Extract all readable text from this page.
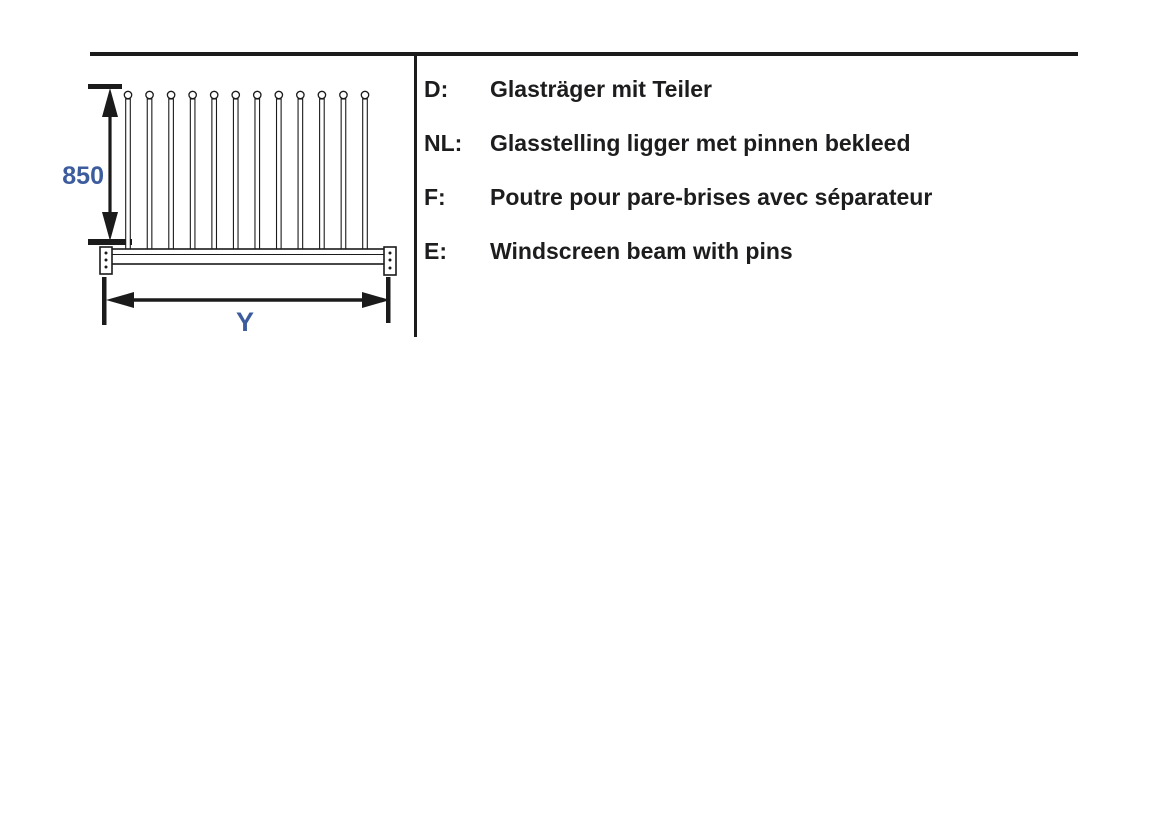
850
Y
D:	Glasträger mit Teiler
NL:	Glasstelling ligger met pinnen bekleed
F:	Poutre pour pare-brises avec séparateur
E:	Windscreen beam with pins
